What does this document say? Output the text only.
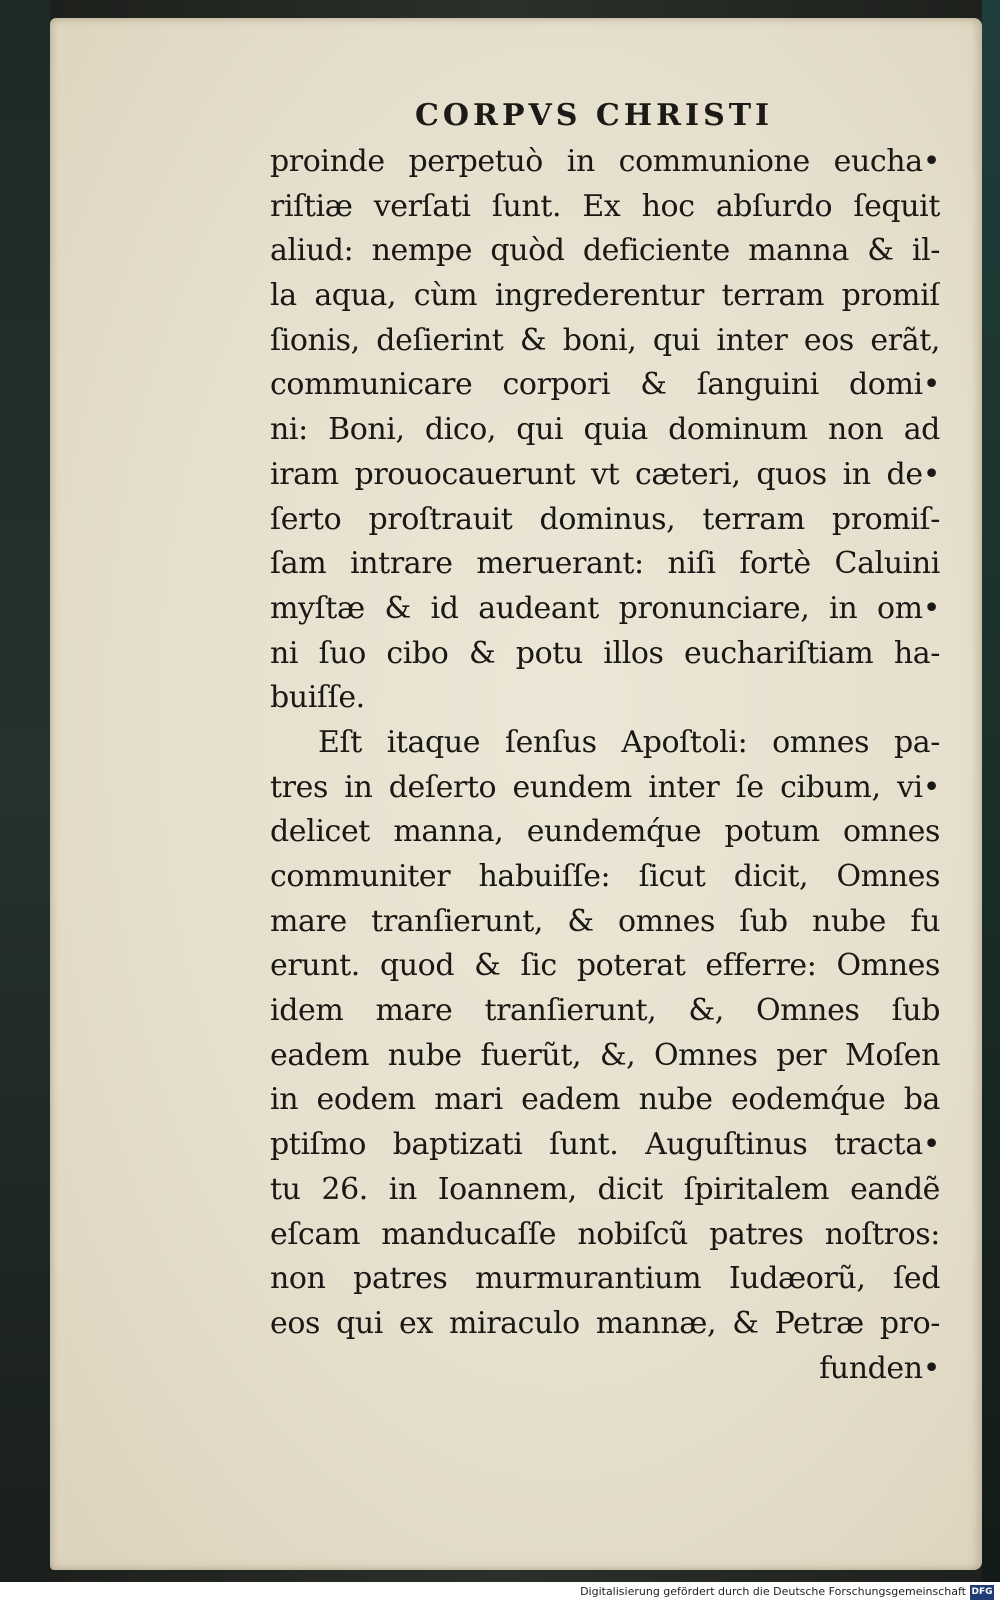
CORPVS CHRISTI
proinde perpetuò in communione eucha•
riſtiæ verſati ſunt. Ex hoc abſurdo ſequit
aliud: nempe quòd deficiente manna & il-
la aqua, cùm ingrederentur terram promiſ
ſionis, deſierint & boni, qui inter eos erãt,
communicare corpori & ſanguini domi•
ni: Boni, dico, qui quia dominum non ad
iram prouocauerunt vt cæteri, quos in de•
ſerto proſtrauit dominus, terram promiſ-
ſam intrare meruerant: niſi fortè Caluini
myſtæ & id audeant pronunciare, in om•
ni ſuo cibo & potu illos euchariſtiam ha-
buiſſe.
Eſt itaque ſenſus Apoſtoli: omnes pa-
tres in deſerto eundem inter ſe cibum, vi•
delicet manna, eundemq́ue potum omnes
communiter habuiſſe: ſicut dicit, Omnes
mare tranſierunt, & omnes ſub nube fu
erunt. quod & ſic poterat efferre: Omnes
idem mare tranſierunt, &, Omnes ſub
eadem nube fuerũt, &, Omnes per Moſen
in eodem mari eadem nube eodemq́ue ba
ptiſmo baptizati ſunt. Auguſtinus tracta•
tu 26. in Ioannem, dicit ſpiritalem eandẽ
eſcam manducaſſe nobiſcũ patres noſtros:
non patres murmurantium Iudæorũ, ſed
eos qui ex miraculo mannæ, & Petræ pro-
funden•
Digitalisierung gefördert durch die Deutsche Forschungsgemeinschaft DFG
